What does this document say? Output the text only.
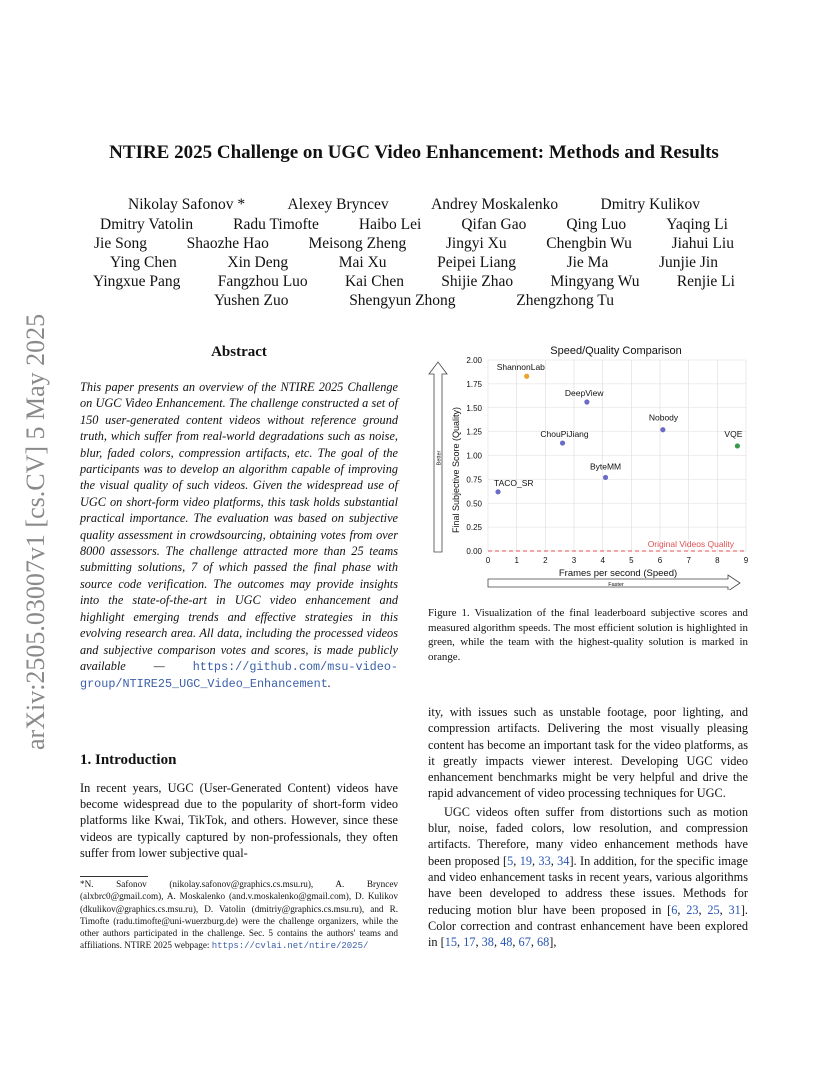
arXiv:2505.03007v1 [cs.CV] 5 May 2025
NTIRE 2025 Challenge on UGC Video Enhancement: Methods and Results
Nikolay Safonov *	Alexey Bryncev	Andrey Moskalenko	Dmitry Kulikov
Dmitry Vatolin	Radu Timofte	Haibo Lei	Qifan Gao	Qing Luo	Yaqing Li
Jie Song	Shaozhe Hao	Meisong Zheng	Jingyi Xu	Chengbin Wu	Jiahui Liu
Ying Chen	Xin Deng	Mai Xu	Peipei Liang	Jie Ma	Junjie Jin
Yingxue Pang Fangzhou Luo Kai Chen Shijie Zhao Mingyang Wu Renjie Li
Yushen Zuo	Shengyun Zhong	Zhengzhong Tu
Abstract
This paper presents an overview of the NTIRE 2025 Challenge on UGC Video Enhancement. The challenge constructed a set of 150 user-generated content videos without reference ground truth, which suffer from real-world degradations such as noise, blur, faded colors, compression artifacts, etc. The goal of the participants was to develop an algorithm capable of improving the visual quality of such videos. Given the widespread use of UGC on short-form video platforms, this task holds substantial practical importance. The evaluation was based on subjective quality assessment in crowdsourcing, obtaining votes from over 8000 assessors. The challenge attracted more than 25 teams submitting solutions, 7 of which passed the final phase with source code verification. The outcomes may provide insights into the state-of-the-art in UGC video enhancement and highlight emerging trends and effective strategies in this evolving research area. All data, including the processed videos and subjective comparison votes and scores, is made publicly available — https://github.com/msu-video-group/NTIRE25_UGC_Video_Enhancement.
1. Introduction
In recent years, UGC (User-Generated Content) videos have become widespread due to the popularity of short-form video platforms like Kwai, TikTok, and others. However, since these videos are typically captured by non-professionals, they often suffer from lower subjective qual-
*N. Safonov (nikolay.safonov@graphics.cs.msu.ru), A. Bryncev (alxbrc0@gmail.com), A. Moskalenko (and.v.moskalenko@gmail.com), D. Kulikov (dkulikov@graphics.cs.msu.ru), D. Vatolin (dmitriy@graphics.cs.msu.ru), and R. Timofte (radu.timofte@uni-wuerzburg.de) were the challenge organizers, while the other authors participated in the challenge. Sec. 5 contains the authors' teams and affiliations. NTIRE 2025 webpage: https://cvlai.net/ntire/2025/
Speed/Quality Comparison
0.00
0.25
0.50
0.75
1.00
1.25
1.50
1.75
2.00
0	1	2	3	4	5	6	7	8	9
Original Videos Quality
ShannonLab
DeepView
Nobody
ChouPiJiang	VQE
ByteMM
TACO_SR
Final Subjective Score (Quality)
Frames per second (Speed)
Better
Faster
Figure 1. Visualization of the final leaderboard subjective scores and measured algorithm speeds. The most efficient solution is highlighted in green, while the team with the highest-quality solution is marked in orange.

ity, with issues such as unstable footage, poor lighting, and compression artifacts. Delivering the most visually pleasing content has become an important task for the video platforms, as it greatly impacts viewer interest. Developing UGC video enhancement benchmarks might be very helpful and drive the rapid advancement of video processing techniques for UGC.

UGC videos often suffer from distortions such as motion blur, noise, faded colors, low resolution, and compression artifacts. Therefore, many video enhancement methods have been proposed [5, 19, 33, 34]. In addition, for the specific image and video enhancement tasks in recent years, various algorithms have been developed to address these issues. Methods for reducing motion blur have been proposed in [6, 23, 25, 31]. Color correction and contrast enhancement have been explored in [15, 17, 38, 48, 67, 68],
